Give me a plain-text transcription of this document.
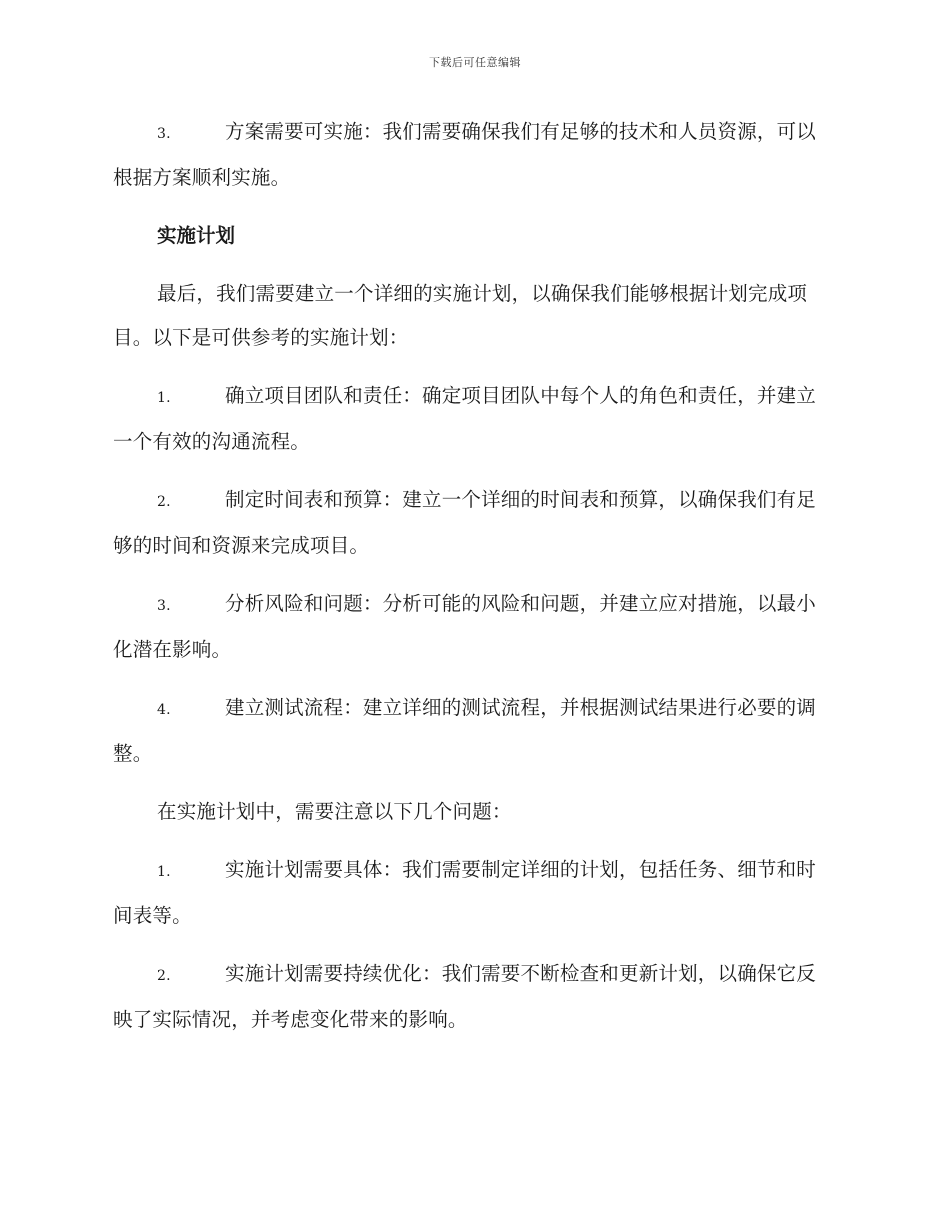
下载后可任意编辑

3.	方案需要可实施：我们需要确保我们有足够的技术和人员资源，可以根据方案顺利实施。

实施计划

最后，我们需要建立一个详细的实施计划，以确保我们能够根据计划完成项目。以下是可供参考的实施计划：

1.	确立项目团队和责任：确定项目团队中每个人的角色和责任，并建立一个有效的沟通流程。

2.	制定时间表和预算：建立一个详细的时间表和预算，以确保我们有足够的时间和资源来完成项目。

3.	分析风险和问题：分析可能的风险和问题，并建立应对措施，以最小化潜在影响。

4.	建立测试流程：建立详细的测试流程，并根据测试结果进行必要的调整。

在实施计划中，需要注意以下几个问题：

1.	实施计划需要具体：我们需要制定详细的计划，包括任务、细节和时间表等。

2.	实施计划需要持续优化：我们需要不断检查和更新计划，以确保它反映了实际情况，并考虑变化带来的影响。
